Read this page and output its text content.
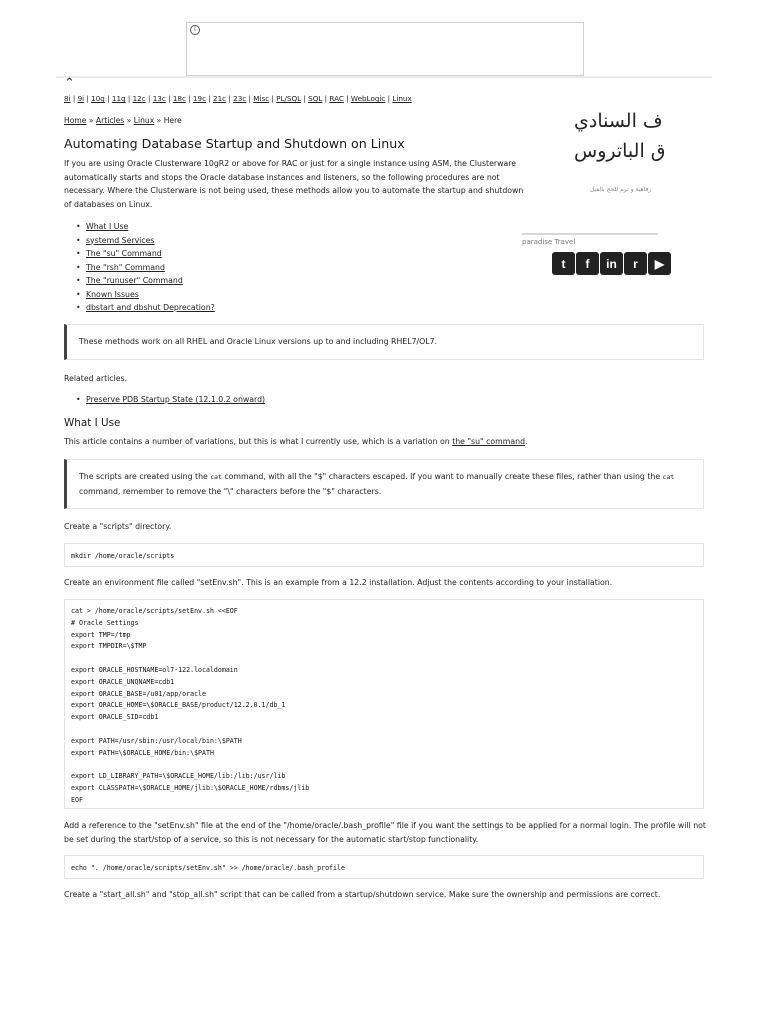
i
⌃
8i | 9i | 10g | 11g | 12c | 13c | 18c | 19c | 21c | 23c | Misc | PL/SQL | SQL | RAC | WebLogic | Linux
Home » Articles » Linux » Here
Automating Database Startup and Shutdown on Linux

If you are using Oracle Clusterware 10gR2 or above for RAC or just for a single instance using ASM, the Clusterware automatically starts and stops the Oracle database instances and listeners, so the following procedures are not necessary. Where the Clusterware is not being used, these methods allow you to automate the startup and shutdown of databases on Linux.

• What I Use
• systemd Services
• The "su" Command
• The "rsh" Command
• The "runuser" Command
• Known Issues
• dbstart and dbshut Deprecation?
ف السنادي
ق الباتروس
رفاهية و ترم للحج بالفيل
paradise Travel
t	f	in	r	▶
These methods work on all RHEL and Oracle Linux versions up to and including RHEL7/OL7.

Related articles.

• Preserve PDB Startup State (12.1.0.2 onward)
What I Use

This article contains a number of variations, but this is what I currently use, which is a variation on the "su" command.

The scripts are created using the cat command, with all the "$" characters escaped. If you want to manually create these files, rather than using the cat command, remember to remove the "\" characters before the "$" characters.

Create a "scripts" directory.

mkdir /home/oracle/scripts

Create an environment file called "setEnv.sh". This is an example from a 12.2 installation. Adjust the contents according to your installation.

cat > /home/oracle/scripts/setEnv.sh <<EOF
# Oracle Settings
export TMP=/tmp
export TMPDIR=\$TMP

export ORACLE_HOSTNAME=ol7-122.localdomain
export ORACLE_UNQNAME=cdb1
export ORACLE_BASE=/u01/app/oracle
export ORACLE_HOME=\$ORACLE_BASE/product/12.2.0.1/db_1
export ORACLE_SID=cdb1

export PATH=/usr/sbin:/usr/local/bin:\$PATH
export PATH=\$ORACLE_HOME/bin:\$PATH

export LD_LIBRARY_PATH=\$ORACLE_HOME/lib:/lib:/usr/lib
export CLASSPATH=\$ORACLE_HOME/jlib:\$ORACLE_HOME/rdbms/jlib
EOF

Add a reference to the "setEnv.sh" file at the end of the "/home/oracle/.bash_profile" file if you want the settings to be applied for a normal login. The profile will not be set during the start/stop of a service, so this is not necessary for the automatic start/stop functionality.

echo ". /home/oracle/scripts/setEnv.sh" >> /home/oracle/.bash_profile

Create a "start_all.sh" and "stop_all.sh" script that can be called from a startup/shutdown service. Make sure the ownership and permissions are correct.
